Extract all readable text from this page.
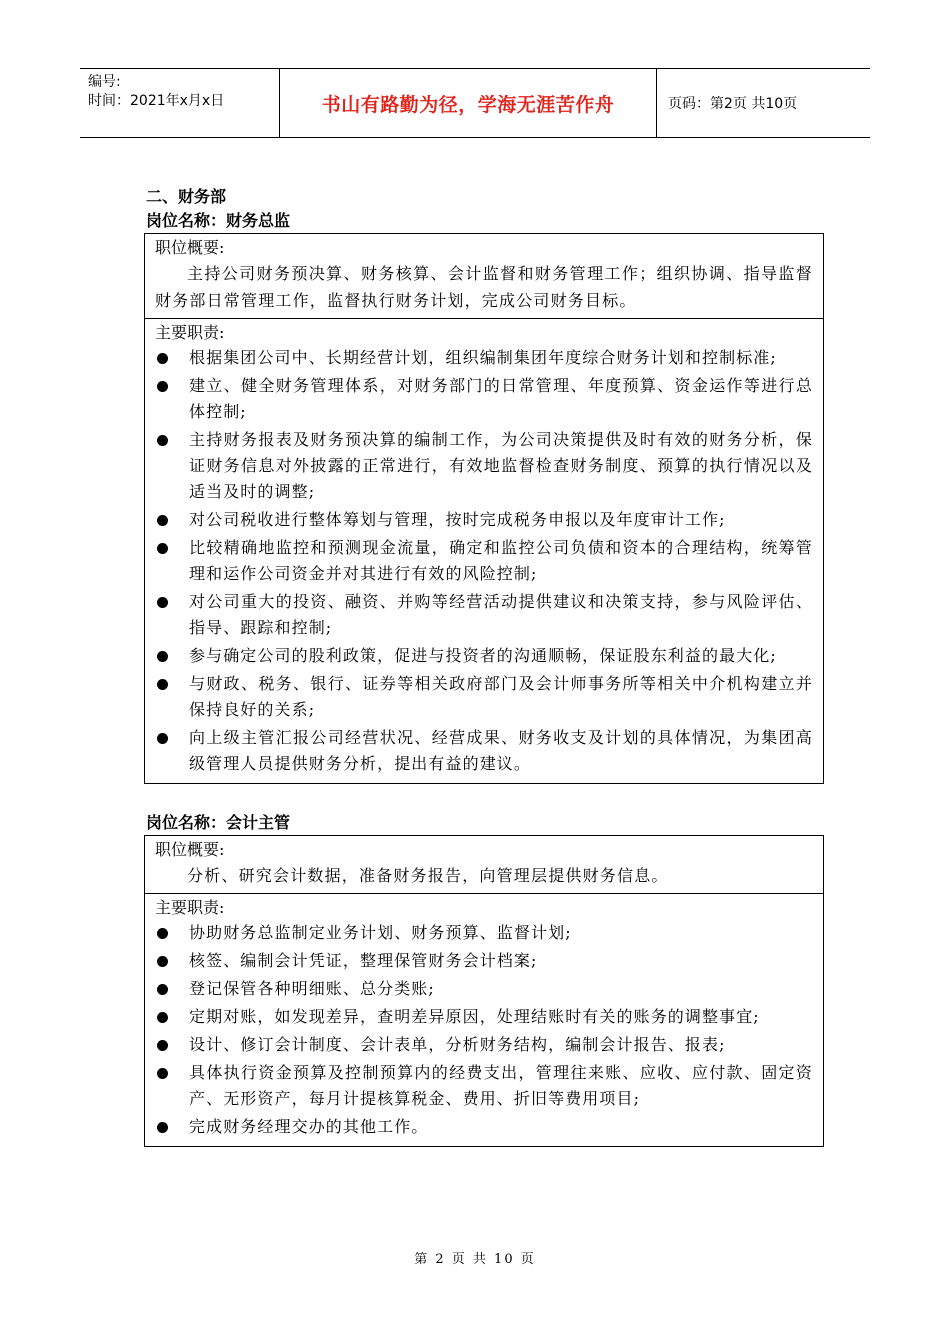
编号:
时间：2021年x月x日	书山有路勤为径，学海无涯苦作舟	页码：第2页 共10页
二、财务部
岗位名称：财务总监
职位概要:
主持公司财务预决算、财务核算、会计监督和财务管理工作；组织协调、指导监督财务部日常管理工作，监督执行财务计划，完成公司财务目标。
主要职责:
根据集团公司中、长期经营计划，组织编制集团年度综合财务计划和控制标准;
建立、健全财务管理体系，对财务部门的日常管理、年度预算、资金运作等进行总体控制;
主持财务报表及财务预决算的编制工作，为公司决策提供及时有效的财务分析，保证财务信息对外披露的正常进行，有效地监督检查财务制度、预算的执行情况以及适当及时的调整;
对公司税收进行整体筹划与管理，按时完成税务申报以及年度审计工作;
比较精确地监控和预测现金流量，确定和监控公司负债和资本的合理结构，统筹管理和运作公司资金并对其进行有效的风险控制;
对公司重大的投资、融资、并购等经营活动提供建议和决策支持，参与风险评估、指导、跟踪和控制;
参与确定公司的股利政策，促进与投资者的沟通顺畅，保证股东利益的最大化;
与财政、税务、银行、证券等相关政府部门及会计师事务所等相关中介机构建立并保持良好的关系;
向上级主管汇报公司经营状况、经营成果、财务收支及计划的具体情况，为集团高级管理人员提供财务分析，提出有益的建议。
岗位名称：会计主管
职位概要:
分析、研究会计数据，准备财务报告，向管理层提供财务信息。
主要职责:
协助财务总监制定业务计划、财务预算、监督计划;
核签、编制会计凭证，整理保管财务会计档案;
登记保管各种明细账、总分类账;
定期对账，如发现差异，查明差异原因，处理结账时有关的账务的调整事宜;
设计、修订会计制度、会计表单，分析财务结构，编制会计报告、报表;
具体执行资金预算及控制预算内的经费支出，管理往来账、应收、应付款、固定资产、无形资产，每月计提核算税金、费用、折旧等费用项目;
完成财务经理交办的其他工作。
第 2 页 共 10 页
